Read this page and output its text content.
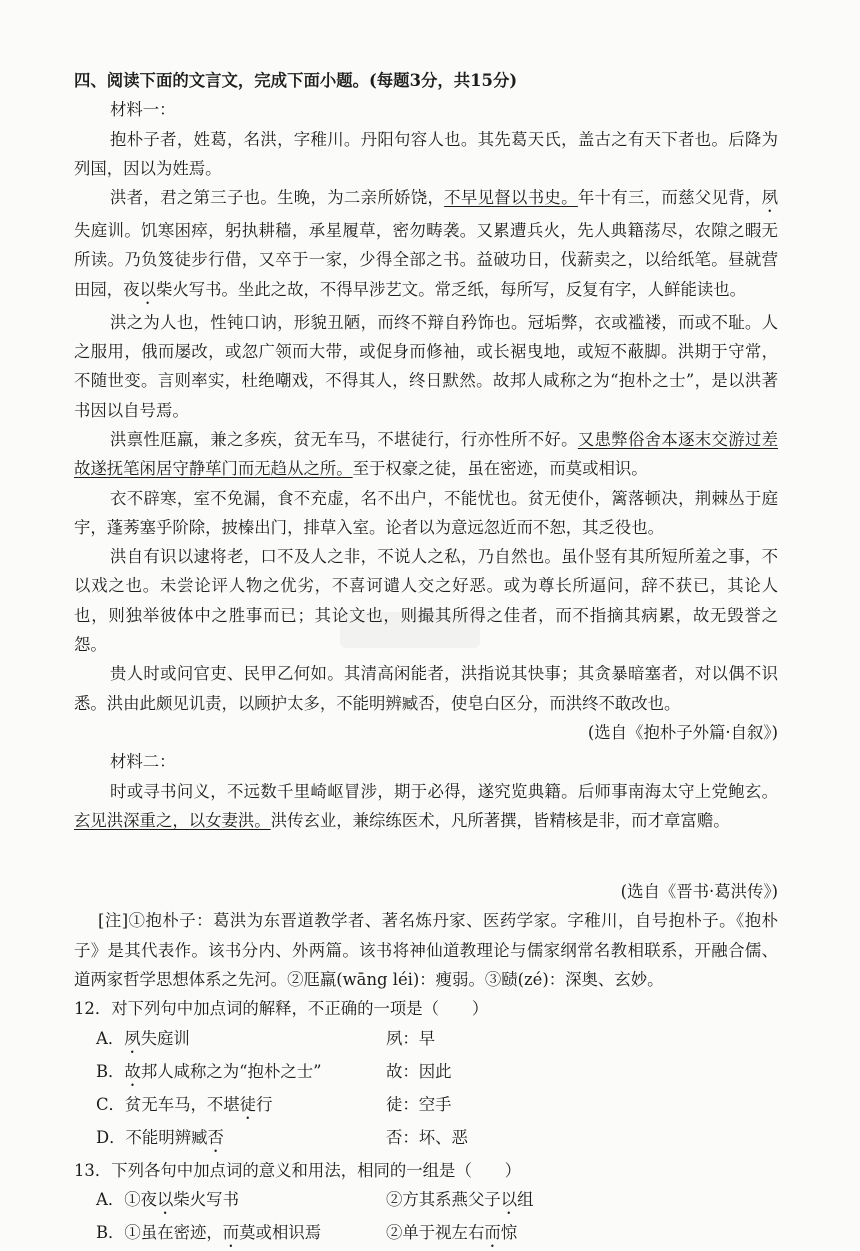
四、阅读下面的文言文，完成下面小题。(每题3分，共15分)
材料一：
抱朴子者，姓葛，名洪，字稚川。丹阳句容人也。其先葛天氏，盖古之有天下者也。后降为列国，因以为姓焉。
洪者，君之第三子也。生晚，为二亲所娇饶，不早见督以书史。年十有三，而慈父见背，夙失庭训。饥寒困瘁，躬执耕穑，承星履草，密勿畴袭。又累遭兵火，先人典籍荡尽，农隙之暇无所读。乃负笈徒步行借，又卒于一家，少得全部之书。益破功日，伐薪卖之，以给纸笔。昼就营田园，夜以柴火写书。坐此之故，不得早涉艺文。常乏纸，每所写，反复有字，人鲜能读也。
洪之为人也，性钝口讷，形貌丑陋，而终不辩自矜饰也。冠垢弊，衣或褴褛，而或不耻。人之服用，俄而屡改，或忽广领而大带，或促身而修袖，或长裾曳地，或短不蔽脚。洪期于守常，不随世变。言则率实，杜绝嘲戏，不得其人，终日默然。故邦人咸称之为“抱朴之士”，是以洪著书因以自号焉。
洪禀性尫羸，兼之多疾，贫无车马，不堪徒行，行亦性所不好。又患弊俗舍本逐末交游过差故遂抚笔闲居守静荜门而无趋从之所。至于权豪之徒，虽在密迹，而莫或相识。
衣不辟寒，室不免漏，食不充虚，名不出户，不能忧也。贫无使仆，篱落顿决，荆棘丛于庭宇，蓬莠塞乎阶除，披榛出门，排草入室。论者以为意远忽近而不恕，其乏役也。
洪自有识以逮将老，口不及人之非，不说人之私，乃自然也。虽仆竖有其所短所羞之事，不以戏之也。未尝论评人物之优劣，不喜诃谴人交之好恶。或为尊长所逼问，辞不获已，其论人也，则独举彼体中之胜事而已；其论文也，则撮其所得之佳者，而不指摘其病累，故无毁誉之怨。
贵人时或问官吏、民甲乙何如。其清高闲能者，洪指说其快事；其贪暴暗塞者，对以偶不识悉。洪由此颇见讥责，以顾护太多，不能明辨臧否，使皂白区分，而洪终不敢改也。
(选自《抱朴子外篇·自叙》)
材料二：
时或寻书问义，不远数千里崎岖冒涉，期于必得，遂究览典籍。后师事南海太守上党鲍玄。玄见洪深重之，以女妻洪。洪传玄业，兼综练医术，凡所著撰，皆精核是非，而才章富赡。
(选自《晋书·葛洪传》)
[注]①抱朴子：葛洪为东晋道教学者、著名炼丹家、医药学家。字稚川，自号抱朴子。《抱朴子》是其代表作。该书分内、外两篇。该书将神仙道教理论与儒家纲常名教相联系，开融合儒、道两家哲学思想体系之先河。②尫羸(wāng léi)：瘦弱。③赜(zé)：深奥、玄妙。
12．对下列句中加点词的解释，不正确的一项是（　　）
A．夙失庭训	夙：早
B．故邦人咸称之为“抱朴之士”	故：因此
C．贫无车马，不堪徒行	徒：空手
D．不能明辨臧否	否：坏、恶
13．下列各句中加点词的意义和用法，相同的一组是（　　）
A．①夜以柴火写书	②方其系燕父子以组
B．①虽在密迹，而莫或相识焉	②单于视左右而惊
